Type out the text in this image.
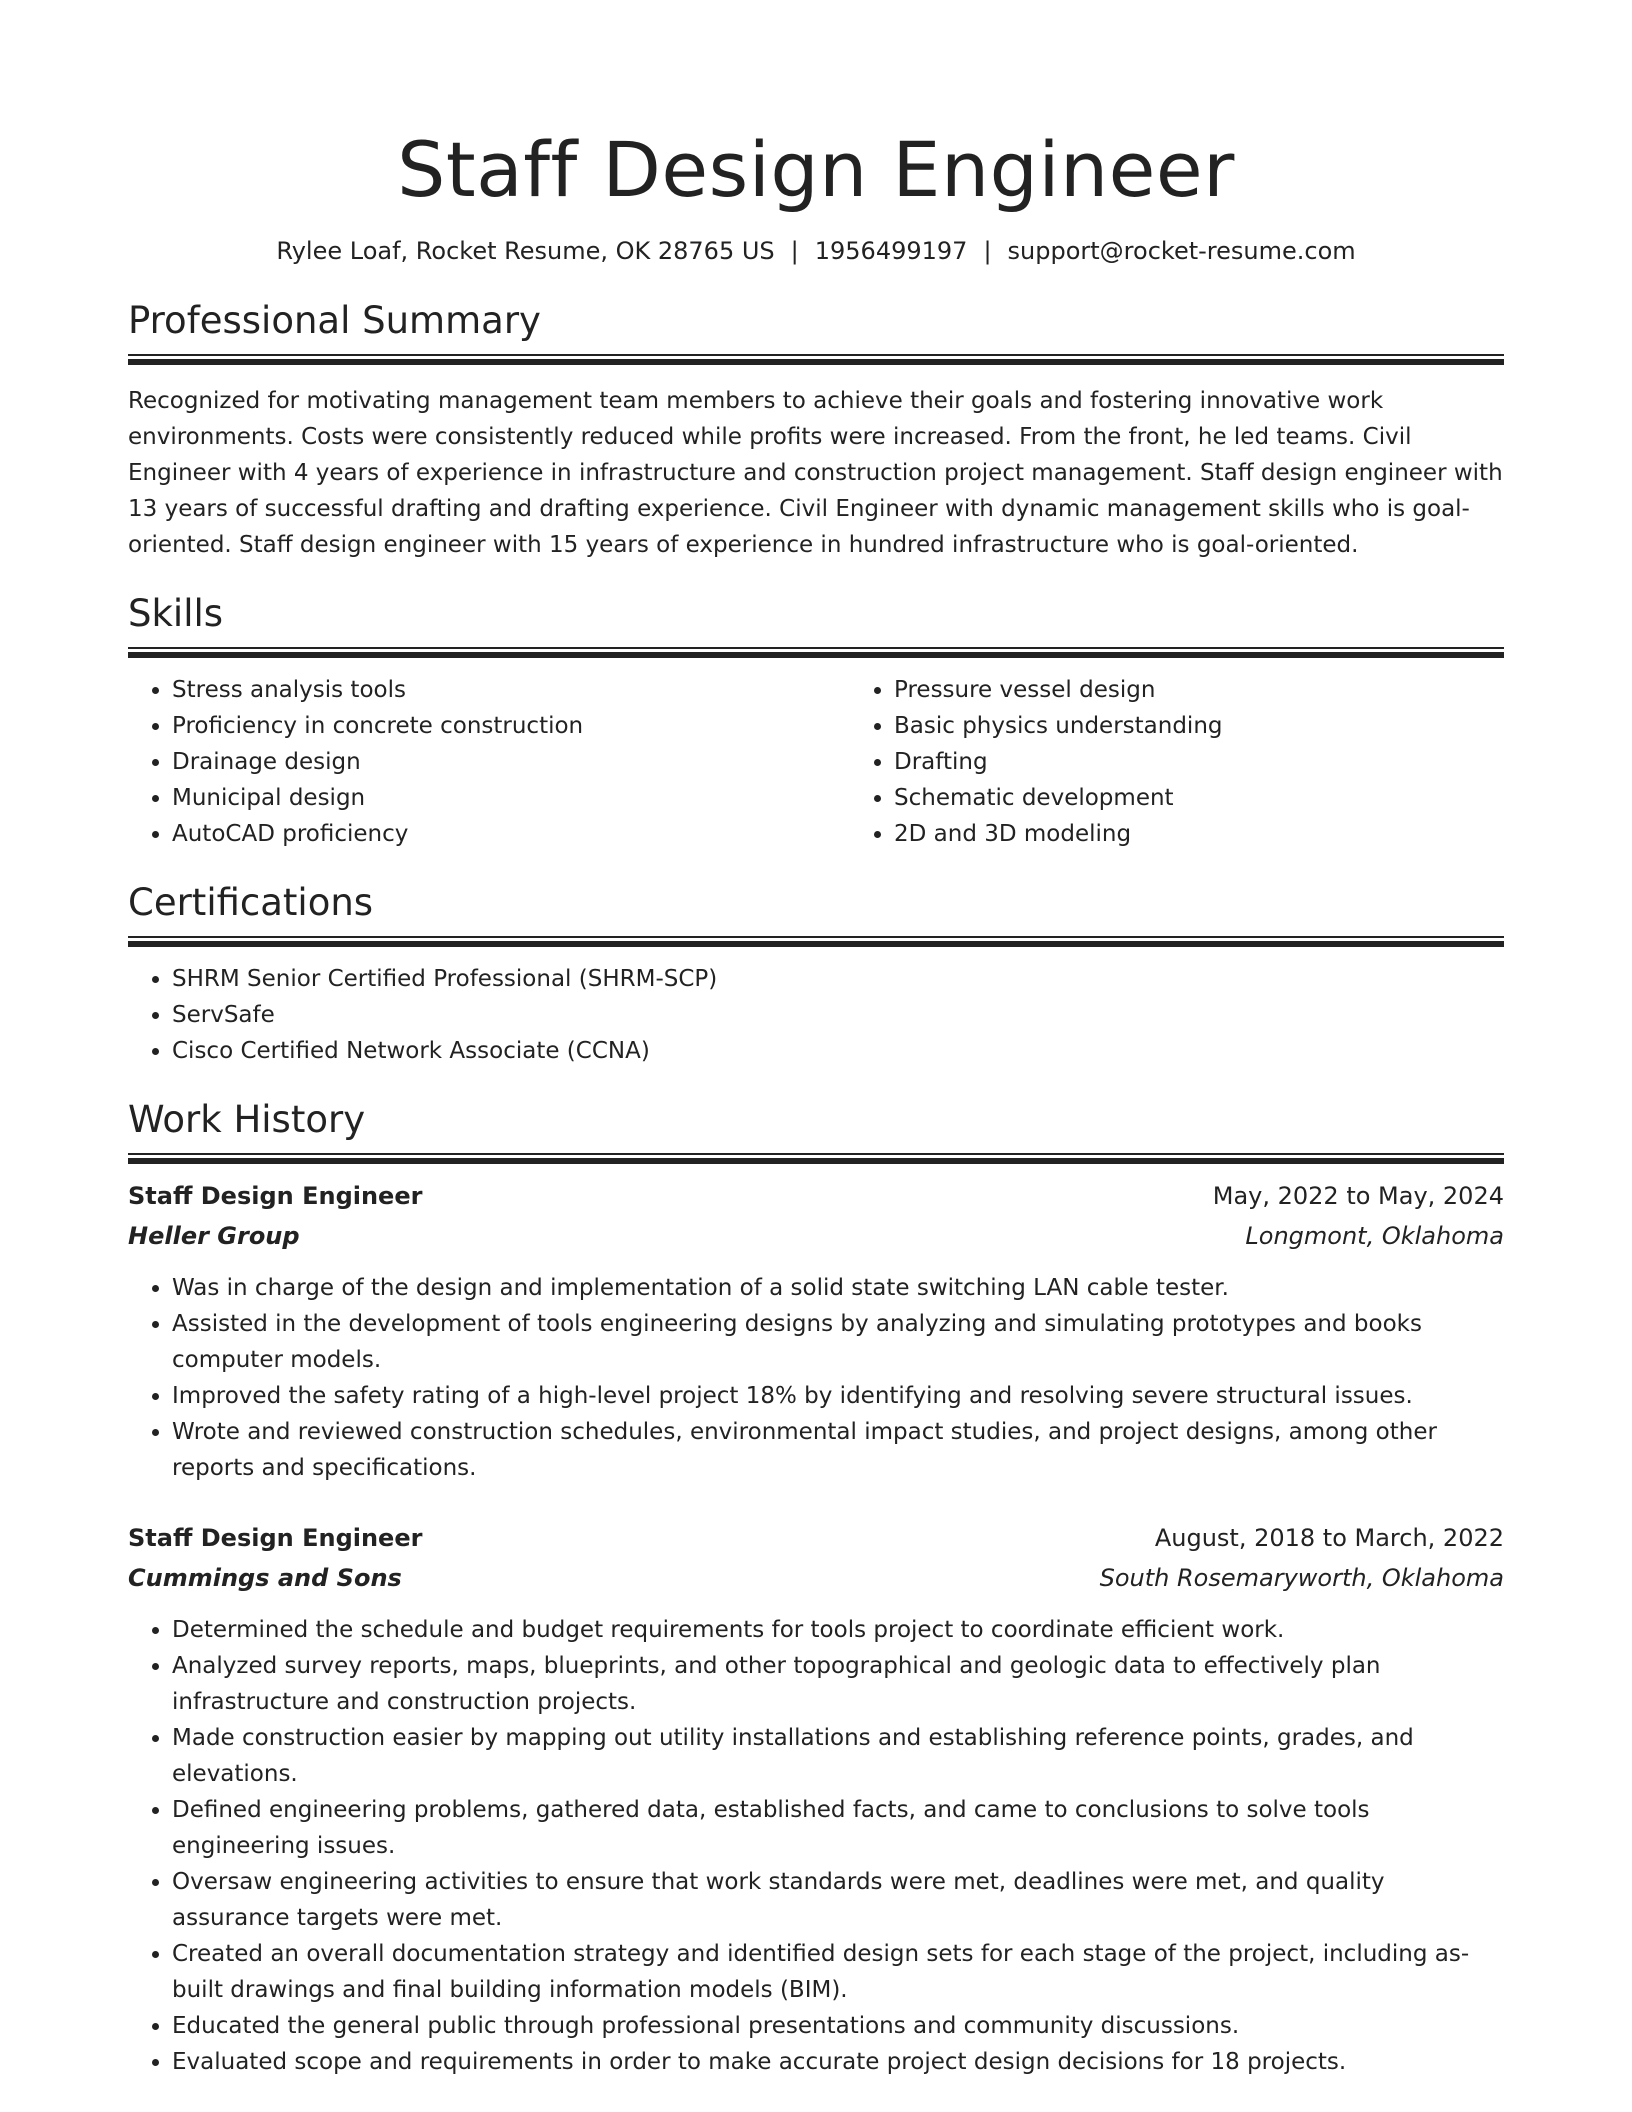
Staff Design Engineer
Rylee Loaf, Rocket Resume, OK 28765 US | 1956499197 | support@rocket-resume.com
Professional Summary

Recognized for motivating management team members to achieve their goals and fostering innovative work environments. Costs were consistently reduced while profits were increased. From the front, he led teams. Civil Engineer with 4 years of experience in infrastructure and construction project management. Staff design engineer with 13 years of successful drafting and drafting experience. Civil Engineer with dynamic management skills who is goal-oriented. Staff design engineer with 15 years of experience in hundred infrastructure who is goal-oriented.

Skills
• Stress analysis tools
• Proficiency in concrete construction
• Drainage design
• Municipal design
• AutoCAD proficiency
• Pressure vessel design
• Basic physics understanding
• Drafting
• Schematic development
• 2D and 3D modeling
Certifications
• SHRM Senior Certified Professional (SHRM-SCP)
• ServSafe
• Cisco Certified Network Associate (CCNA)
Work History
Staff Design Engineer	May, 2022 to May, 2024
Heller Group	Longmont, Oklahoma
• Was in charge of the design and implementation of a solid state switching LAN cable tester.
• Assisted in the development of tools engineering designs by analyzing and simulating prototypes and books computer models.
• Improved the safety rating of a high-level project 18% by identifying and resolving severe structural issues.
• Wrote and reviewed construction schedules, environmental impact studies, and project designs, among other reports and specifications.
Staff Design Engineer	August, 2018 to March, 2022
Cummings and Sons	South Rosemaryworth, Oklahoma
• Determined the schedule and budget requirements for tools project to coordinate efficient work.
• Analyzed survey reports, maps, blueprints, and other topographical and geologic data to effectively plan infrastructure and construction projects.
• Made construction easier by mapping out utility installations and establishing reference points, grades, and elevations.
• Defined engineering problems, gathered data, established facts, and came to conclusions to solve tools engineering issues.
• Oversaw engineering activities to ensure that work standards were met, deadlines were met, and quality assurance targets were met.
• Created an overall documentation strategy and identified design sets for each stage of the project, including as-built drawings and final building information models (BIM).
• Educated the general public through professional presentations and community discussions.
• Evaluated scope and requirements in order to make accurate project design decisions for 18 projects.
